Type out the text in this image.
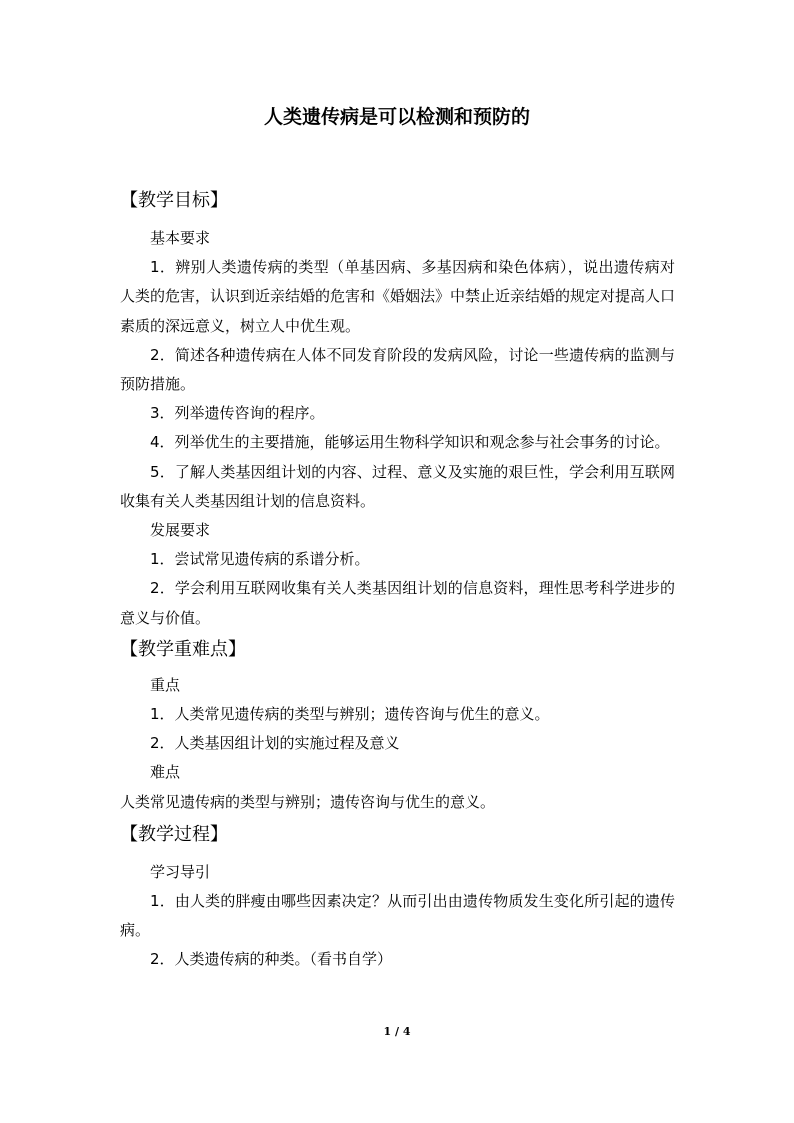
人类遗传病是可以检测和预防的

【教学目标】

基本要求

1．辨别人类遗传病的类型（单基因病、多基因病和染色体病），说出遗传病对人类的危害，认识到近亲结婚的危害和《婚姻法》中禁止近亲结婚的规定对提高人口素质的深远意义，树立人中优生观。

2．简述各种遗传病在人体不同发育阶段的发病风险，讨论一些遗传病的监测与预防措施。

3．列举遗传咨询的程序。

4．列举优生的主要措施，能够运用生物科学知识和观念参与社会事务的讨论。

5．了解人类基因组计划的内容、过程、意义及实施的艰巨性，学会利用互联网收集有关人类基因组计划的信息资料。

发展要求

1．尝试常见遗传病的系谱分析。

2．学会利用互联网收集有关人类基因组计划的信息资料，理性思考科学进步的意义与价值。

【教学重难点】

重点

1．人类常见遗传病的类型与辨别；遗传咨询与优生的意义。

2．人类基因组计划的实施过程及意义

难点

人类常见遗传病的类型与辨别；遗传咨询与优生的意义。

【教学过程】

学习导引

1．由人类的胖瘦由哪些因素决定？从而引出由遗传物质发生变化所引起的遗传病。

2．人类遗传病的种类。（看书自学）

1 / 4
